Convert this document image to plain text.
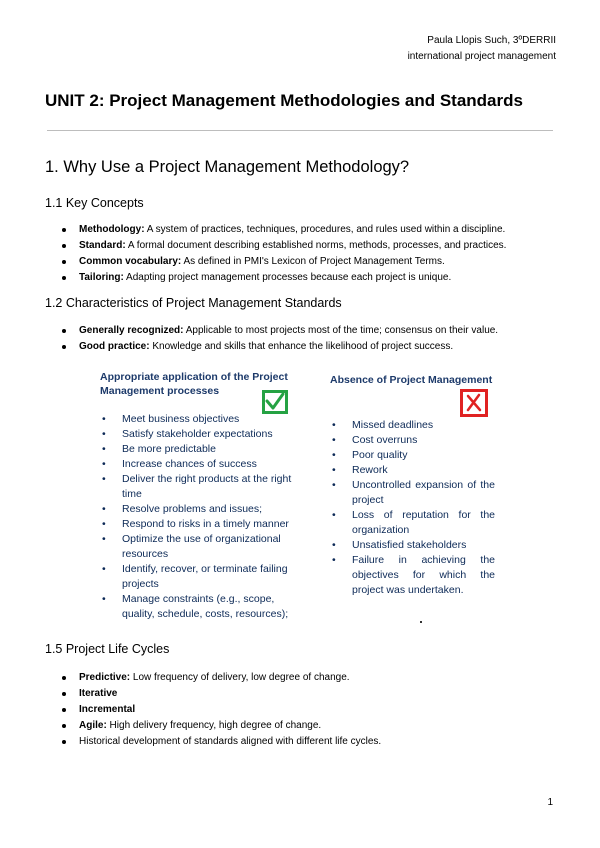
Paula Llopis Such, 3ºDERRII
international project management
UNIT 2: Project Management Methodologies and Standards
1. Why Use a Project Management Methodology?
1.1 Key Concepts
Methodology: A system of practices, techniques, procedures, and rules used within a discipline.
Standard: A formal document describing established norms, methods, processes, and practices.
Common vocabulary: As defined in PMI's Lexicon of Project Management Terms.
Tailoring: Adapting project management processes because each project is unique.
1.2 Characteristics of Project Management Standards
Generally recognized: Applicable to most projects most of the time; consensus on their value.
Good practice: Knowledge and skills that enhance the likelihood of project success.
Appropriate application of the Project
Management processes
• Meet business objectives
• Satisfy stakeholder expectations
• Be more predictable
• Increase chances of success
• Deliver the right products at the right time
• Resolve problems and issues;
• Respond to risks in a timely manner
• Optimize the use of organizational resources
• Identify, recover, or terminate failing projects
• Manage constraints (e.g., scope, quality, schedule, costs, resources);
Absence of Project Management
• Missed deadlines
• Cost overruns
• Poor quality
• Rework
• Uncontrolled expansion of the project
• Loss of reputation for the organization
• Unsatisfied stakeholders
• Failure in achieving the objectives for which the project was undertaken.
1.5 Project Life Cycles
Predictive: Low frequency of delivery, low degree of change.
Iterative
Incremental
Agile: High delivery frequency, high degree of change.
Historical development of standards aligned with different life cycles.
1
